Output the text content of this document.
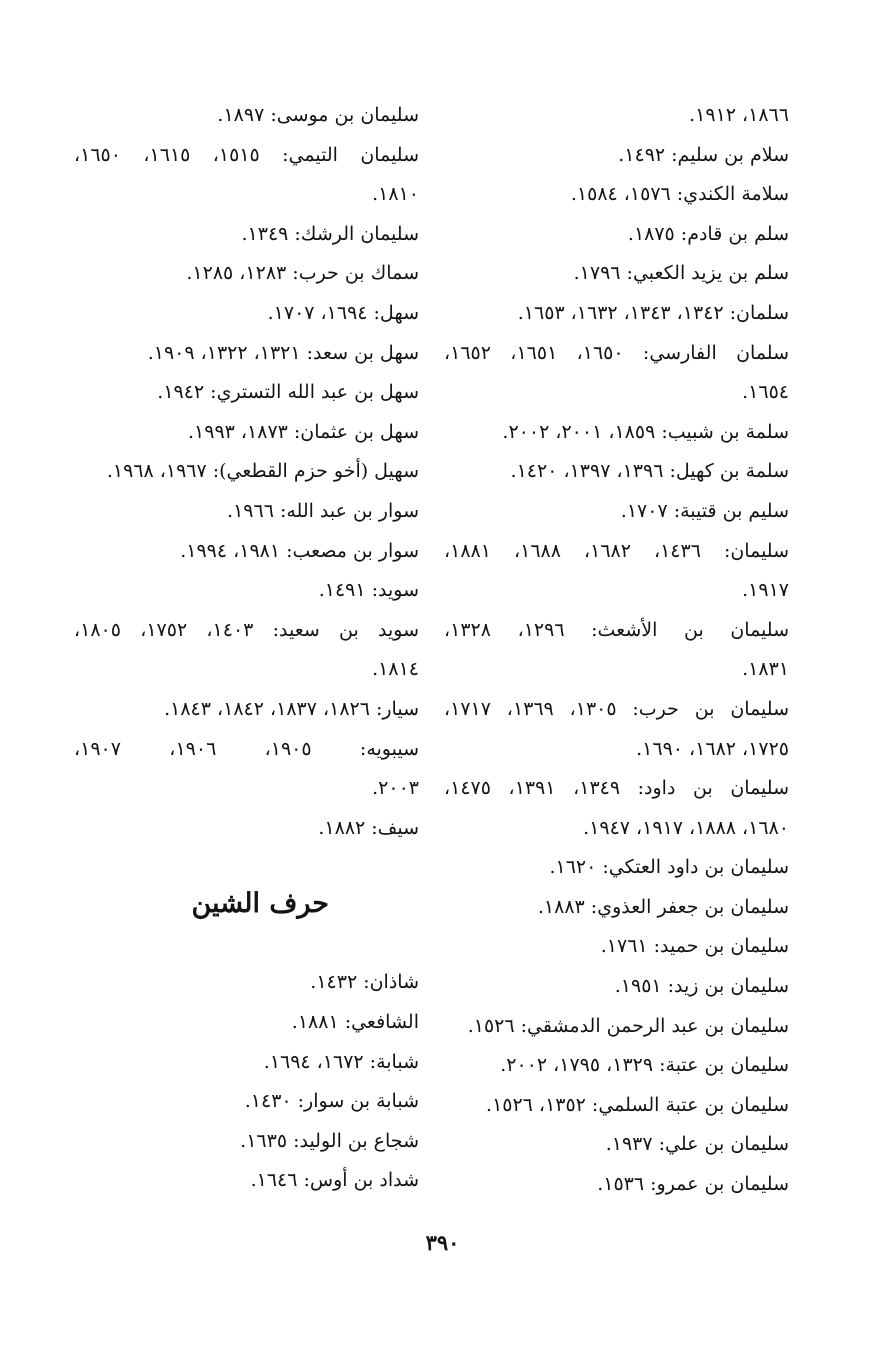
١٨٦٦، ١٩١٢.
سلام بن سليم: ١٤٩٢.
سلامة الكندي: ١٥٧٦، ١٥٨٤.
سلم بن قادم: ١٨٧٥.
سلم بن يزيد الكعبي: ١٧٩٦.
سلمان: ١٣٤٢، ١٣٤٣، ١٦٣٢، ١٦٥٣.
سلمان الفارسي: ١٦٥٠، ١٦٥١، ١٦٥٢،
١٦٥٤.
سلمة بن شبيب: ١٨٥٩، ٢٠٠١، ٢٠٠٢.
سلمة بن كهيل: ١٣٩٦، ١٣٩٧، ١٤٢٠.
سليم بن قتيبة: ١٧٠٧.
سليمان: ١٤٣٦، ١٦٨٢، ١٦٨٨، ١٨٨١،
١٩١٧.
سليمان بن الأشعث: ١٢٩٦، ١٣٢٨،
١٨٣١.
سليمان بن حرب: ١٣٠٥، ١٣٦٩، ١٧١٧،
١٧٢٥، ١٦٨٢، ١٦٩٠.
سليمان بن داود: ١٣٤٩، ١٣٩١، ١٤٧٥،
١٦٨٠، ١٨٨٨، ١٩١٧، ١٩٤٧.
سليمان بن داود العتكي: ١٦٢٠.
سليمان بن جعفر العذوي: ١٨٨٣.
سليمان بن حميد: ١٧٦١.
سليمان بن زيد: ١٩٥١.
سليمان بن عبد الرحمن الدمشقي: ١٥٢٦.
سليمان بن عتبة: ١٣٢٩، ١٧٩٥، ٢٠٠٢.
سليمان بن عتبة السلمي: ١٣٥٢، ١٥٢٦.
سليمان بن علي: ١٩٣٧.
سليمان بن عمرو: ١٥٣٦.
سليمان بن موسى: ١٨٩٧.
سليمان التيمي: ١٥١٥، ١٦١٥، ١٦٥٠،
١٨١٠.
سليمان الرشك: ١٣٤٩.
سماك بن حرب: ١٢٨٣، ١٢٨٥.
سهل: ١٦٩٤، ١٧٠٧.
سهل بن سعد: ١٣٢١، ١٣٢٢، ١٩٠٩.
سهل بن عبد الله التستري: ١٩٤٢.
سهل بن عثمان: ١٨٧٣، ١٩٩٣.
سهيل (أخو حزم القطعي): ١٩٦٧، ١٩٦٨.
سوار بن عبد الله: ١٩٦٦.
سوار بن مصعب: ١٩٨١، ١٩٩٤.
سويد: ١٤٩١.
سويد بن سعيد: ١٤٠٣، ١٧٥٢، ١٨٠٥،
١٨١٤.
سيار: ١٨٢٦، ١٨٣٧، ١٨٤٢، ١٨٤٣.
سيبويه: ١٩٠٥، ١٩٠٦، ١٩٠٧،
٢٠٠٣.
سيف: ١٨٨٢.
حرف الشين
شاذان: ١٤٣٢.
الشافعي: ١٨٨١.
شبابة: ١٦٧٢، ١٦٩٤.
شبابة بن سوار: ١٤٣٠.
شجاع بن الوليد: ١٦٣٥.
شداد بن أوس: ١٦٤٦.
٣٩٠
